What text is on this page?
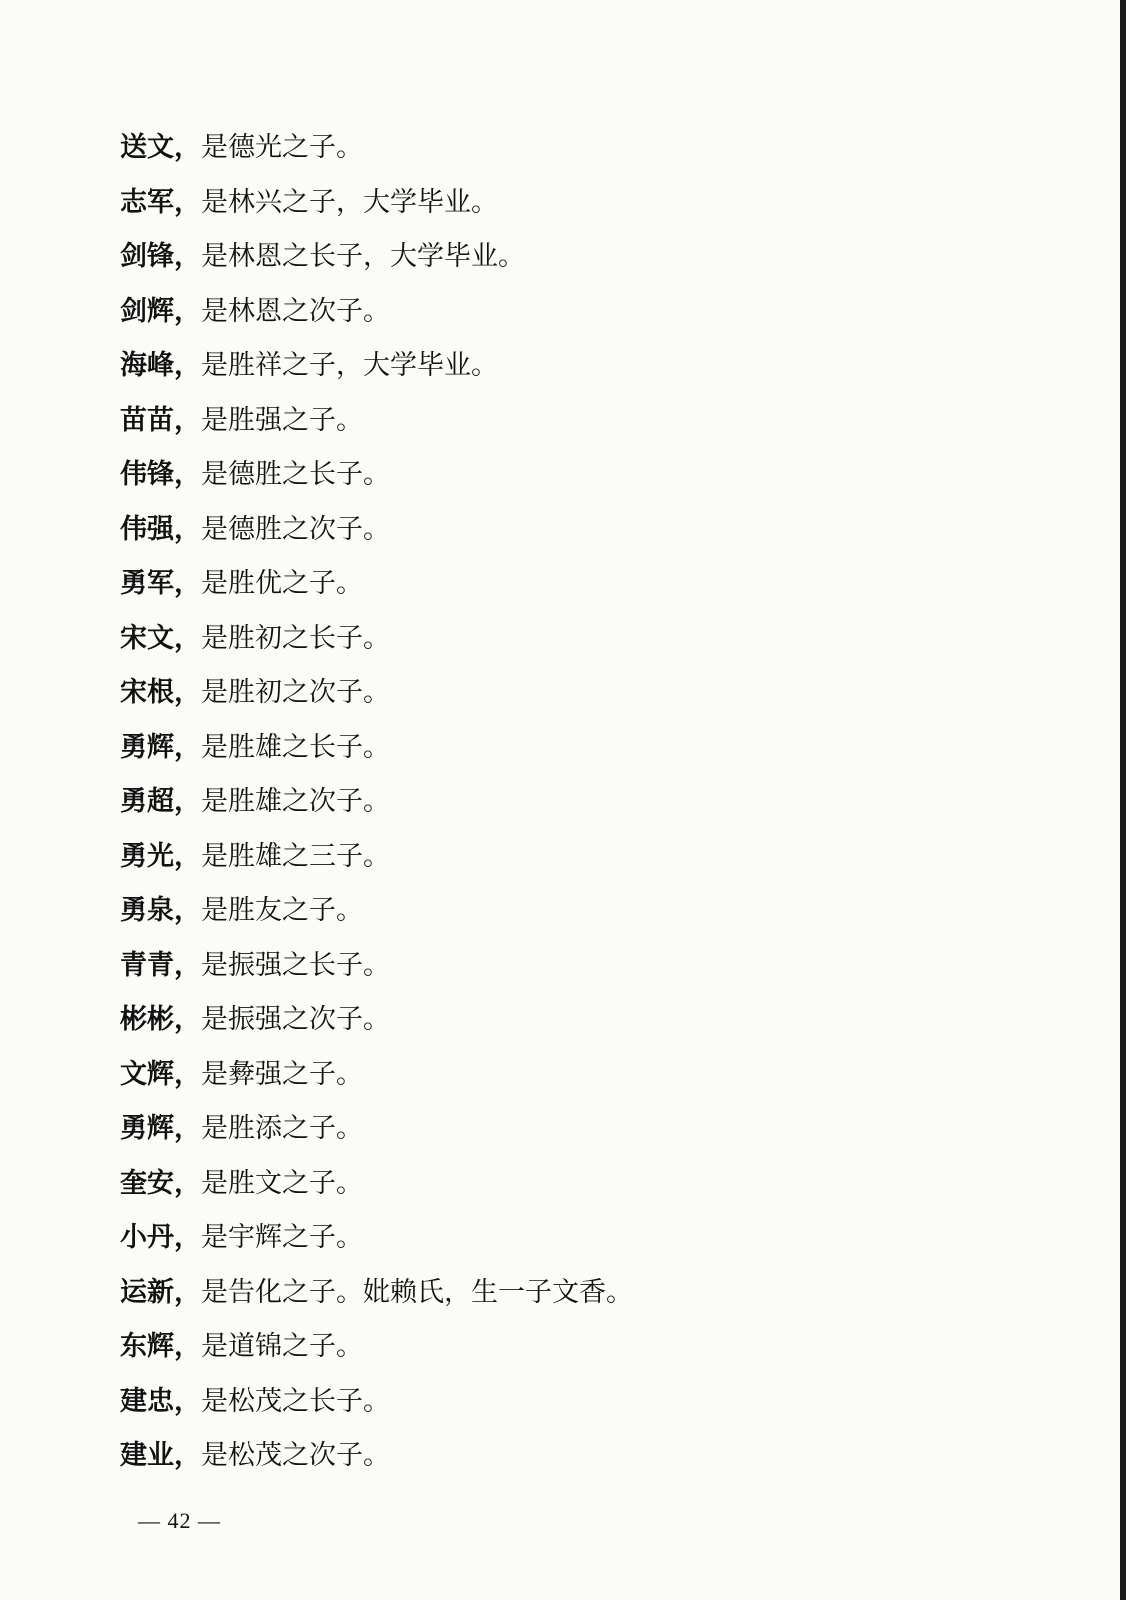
送文，是德光之子。
志军，是林兴之子，大学毕业。
剑锋，是林恩之长子，大学毕业。
剑辉，是林恩之次子。
海峰，是胜祥之子，大学毕业。
苗苗，是胜强之子。
伟锋，是德胜之长子。
伟强，是德胜之次子。
勇军，是胜优之子。
宋文，是胜初之长子。
宋根，是胜初之次子。
勇辉，是胜雄之长子。
勇超，是胜雄之次子。
勇光，是胜雄之三子。
勇泉，是胜友之子。
青青，是振强之长子。
彬彬，是振强之次子。
文辉，是彜强之子。
勇辉，是胜添之子。
奎安，是胜文之子。
小丹，是宇辉之子。
运新，是告化之子。妣赖氏，生一子文香。
东辉，是道锦之子。
建忠，是松茂之长子。
建业，是松茂之次子。
— 42 —
